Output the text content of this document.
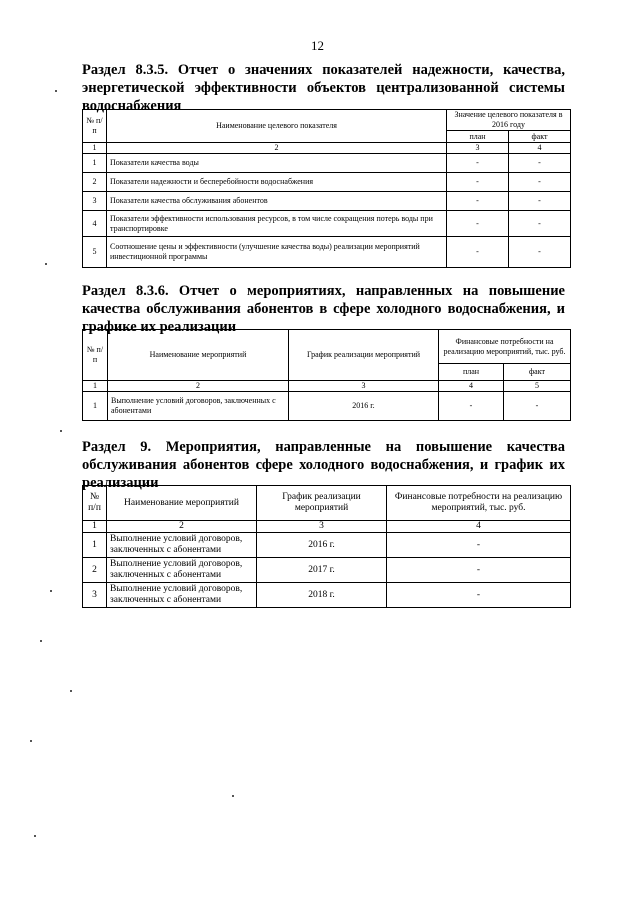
12

Раздел 8.3.5. Отчет о значениях показателей надежности, качества, энергетической эффективности объектов централизованной системы водоснабжения

№ п/п	Наименование целевого показателя	Значение целевого показателя в 2016 году	
		план	факт
1	2	3	4
1	Показатели качества воды	-	-
2	Показатели надежности и бесперебойности водоснабжения	-	-
3	Показатели качества обслуживания абонентов	-	-
4	Показатели эффективности использования ресурсов, в том числе сокращения потерь воды при транспортировке	-	-
5	Соотношение цены и эффективности (улучшение качества воды) реализации мероприятий инвестиционной программы	-	-

Раздел 8.3.6. Отчет о мероприятиях, направленных на повышение качества обслуживания абонентов в сфере холодного водоснабжения, и графике их реализации

№ п/п	Наименование мероприятий	График реализации мероприятий	Финансовые потребности на реализацию мероприятий, тыс. руб.	
			план	факт
1	2	3	4	5
1	Выполнение условий договоров, заключенных с абонентами	2016 г.	-	-

Раздел 9. Мероприятия, направленные на повышение качества обслуживания абонентов сфере холодного водоснабжения, и график их реализации

№ п/п	Наименование мероприятий	График реализации мероприятий	Финансовые потребности на реализацию мероприятий, тыс. руб.
1	2	3	4
1	Выполнение условий договоров, заключенных с абонентами	2016 г.	-
2	Выполнение условий договоров, заключенных с абонентами	2017 г.	-
3	Выполнение условий договоров, заключенных с абонентами	2018 г.	-
